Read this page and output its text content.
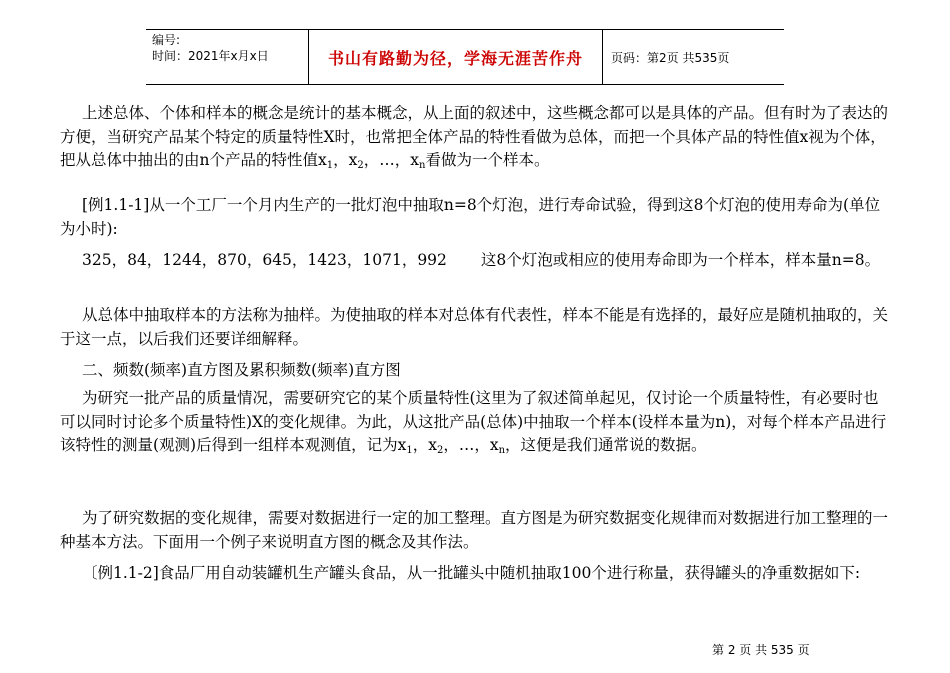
编号:
时间：2021年x月x日	书山有路勤为径，学海无涯苦作舟	页码：第2页 共535页

上述总体、个体和样本的概念是统计的基本概念，从上面的叙述中，这些概念都可以是具体的产品。但有时为了表达的方便，当研究产品某个特定的质量特性X时，也常把全体产品的特性看做为总体，而把一个具体产品的特性值x视为个体，把从总体中抽出的由n个产品的特性值$x_1$，$x_2$，…，$x_n$看做为一个样本。

[例1.1-1]从一个工厂一个月内生产的一批灯泡中抽取n=8个灯泡，进行寿命试验，得到这8个灯泡的使用寿命为(单位为小时):

325，84，1244，870，645，1423，1071，992 这8个灯泡或相应的使用寿命即为一个样本，样本量n=8。

从总体中抽取样本的方法称为抽样。为使抽取的样本对总体有代表性，样本不能是有选择的，最好应是随机抽取的，关于这一点，以后我们还要详细解释。

二、频数(频率)直方图及累积频数(频率)直方图

为研究一批产品的质量情况，需要研究它的某个质量特性(这里为了叙述简单起见，仅讨论一个质量特性，有必要时也可以同时讨论多个质量特性)X的变化规律。为此，从这批产品(总体)中抽取一个样本(设样本量为n)，对每个样本产品进行该特性的测量(观测)后得到一组样本观测值，记为$x_1$，$x_2$，…，$x_n$，这便是我们通常说的数据。

为了研究数据的变化规律，需要对数据进行一定的加工整理。直方图是为研究数据变化规律而对数据进行加工整理的一种基本方法。下面用一个例子来说明直方图的概念及其作法。

〔例1.1-2]食品厂用自动装罐机生产罐头食品，从一批罐头中随机抽取100个进行称量，获得罐头的净重数据如下:

第 2 页 共 535 页
